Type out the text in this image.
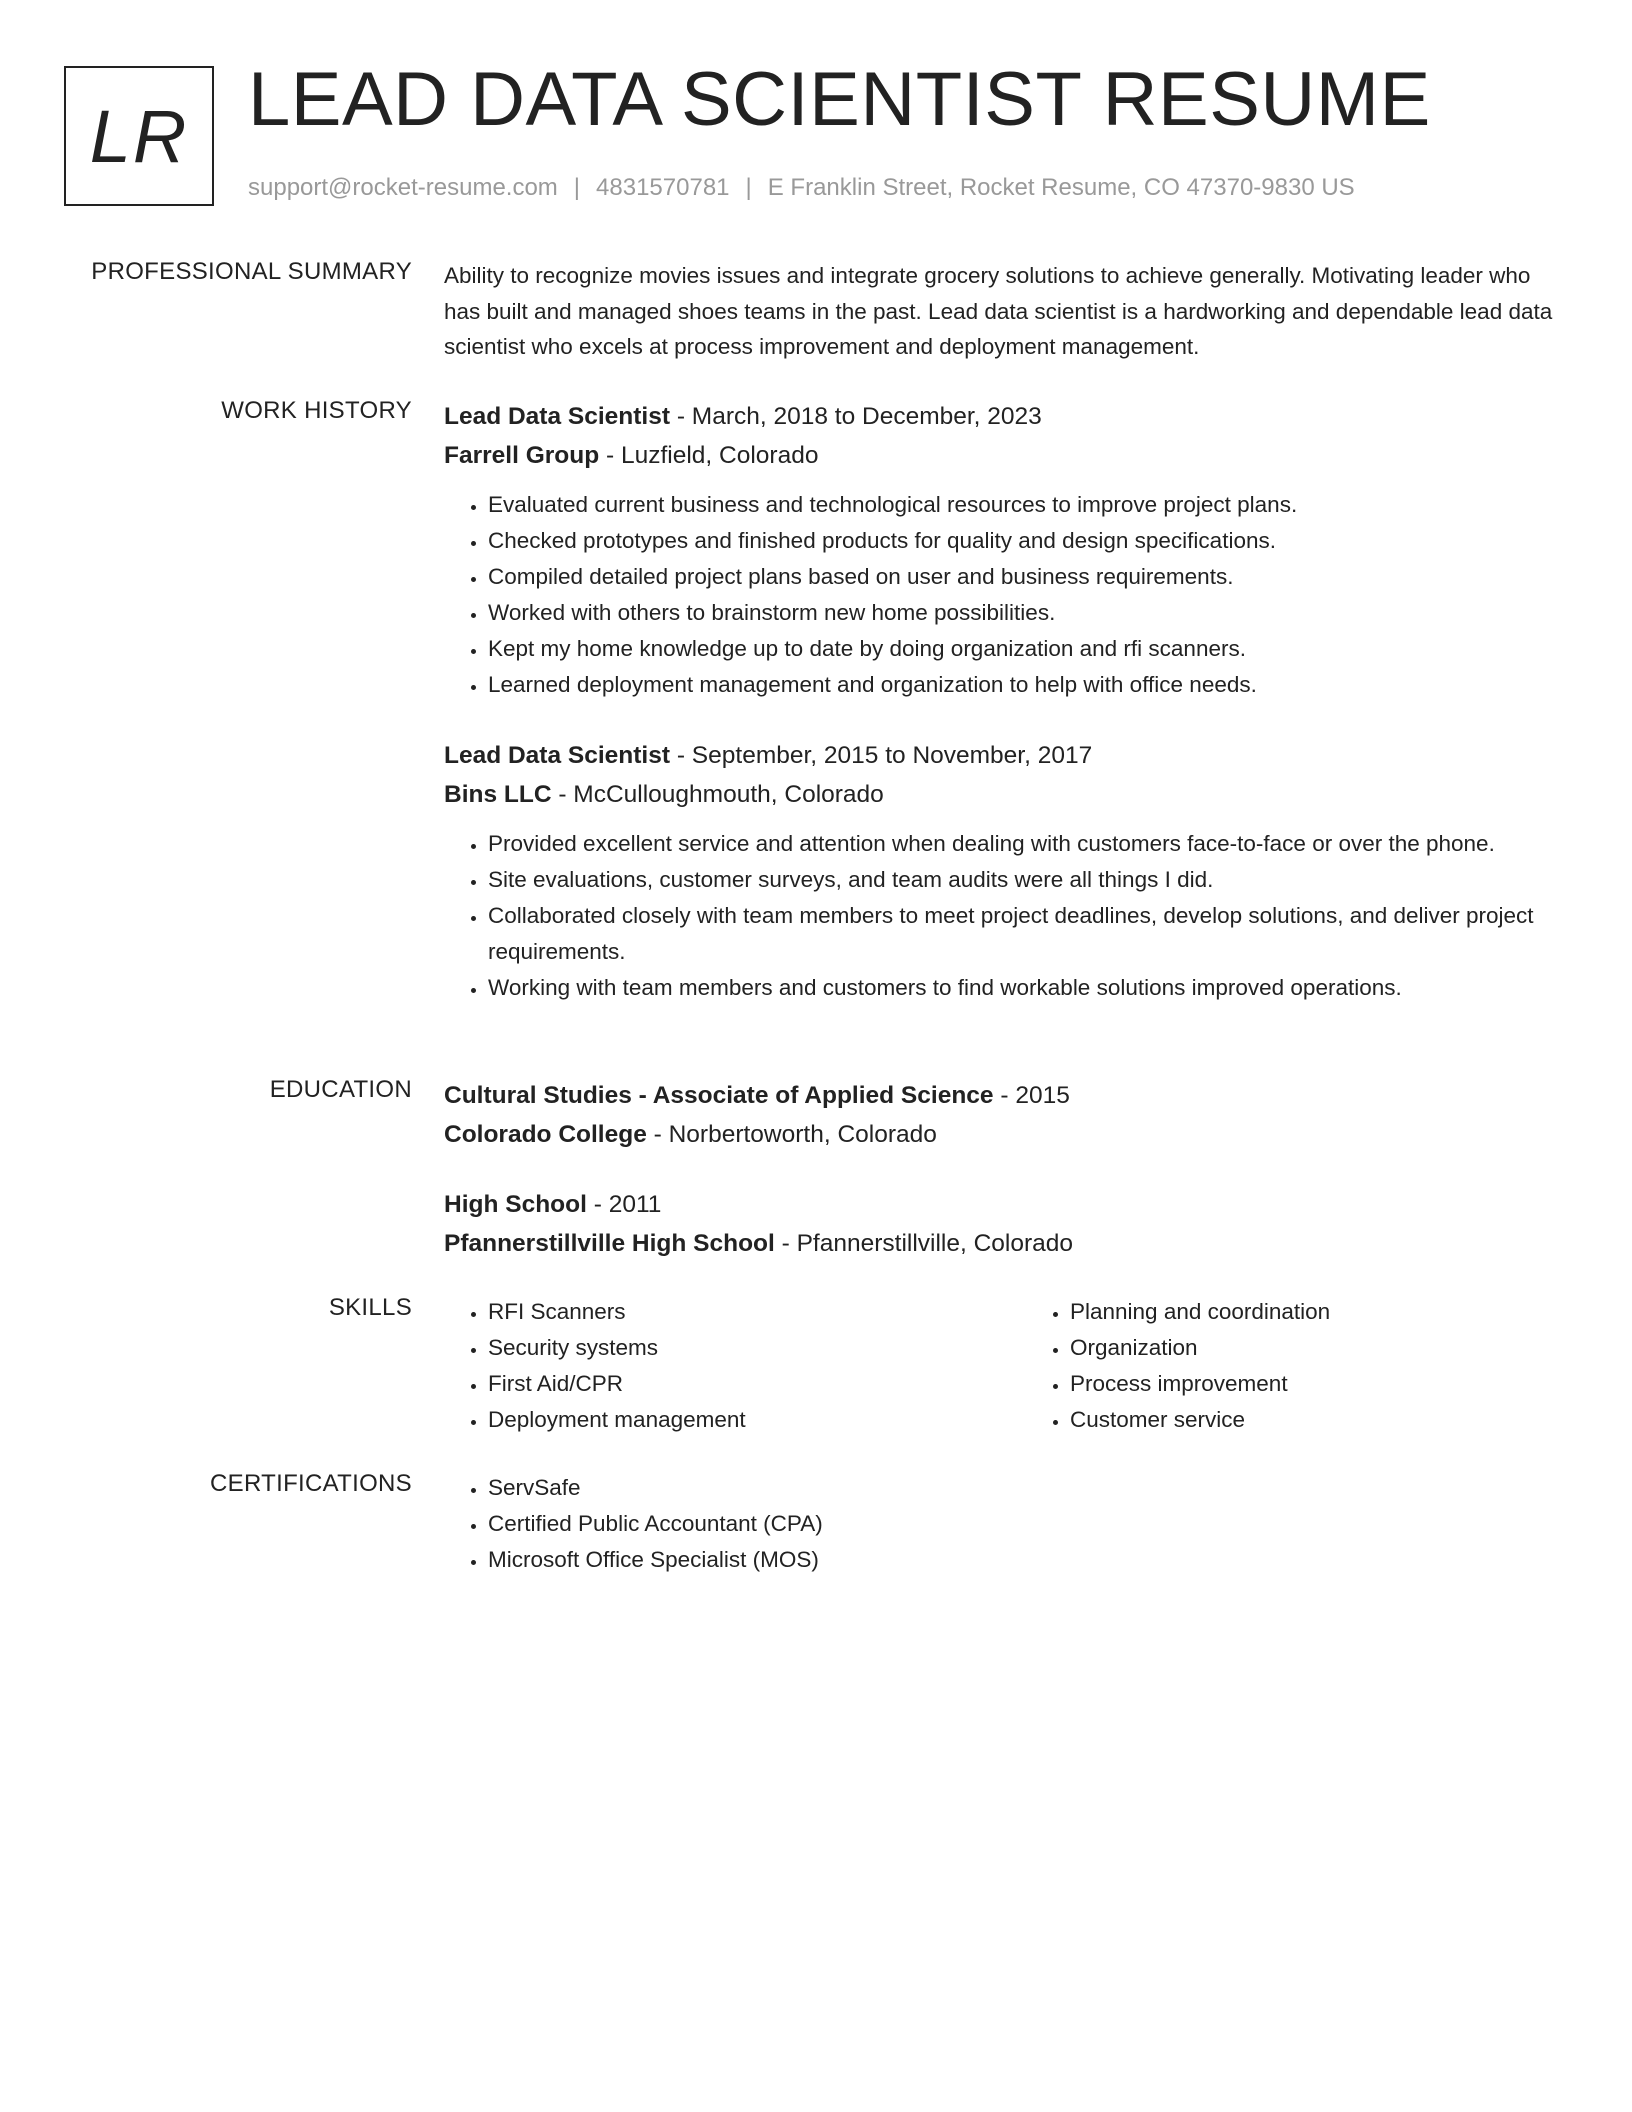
LR LEAD DATA SCIENTIST RESUME
support@rocket-resume.com | 4831570781 | E Franklin Street, Rocket Resume, CO 47370-9830 US
PROFESSIONAL SUMMARY Ability to recognize movies issues and integrate grocery solutions to achieve generally. Motivating leader who has built and managed shoes teams in the past. Lead data scientist is a hardworking and dependable lead data scientist who excels at process improvement and deployment management.

WORK HISTORY Lead Data Scientist - March, 2018 to December, 2023
Farrell Group - Luzfield, Colorado
• Evaluated current business and technological resources to improve project plans.
• Checked prototypes and finished products for quality and design specifications.
• Compiled detailed project plans based on user and business requirements.
• Worked with others to brainstorm new home possibilities.
• Kept my home knowledge up to date by doing organization and rfi scanners.
• Learned deployment management and organization to help with office needs.
Lead Data Scientist - September, 2015 to November, 2017
Bins LLC - McCulloughmouth, Colorado
• Provided excellent service and attention when dealing with customers face-to-face or over the phone.
• Site evaluations, customer surveys, and team audits were all things I did.
• Collaborated closely with team members to meet project deadlines, develop solutions, and deliver project requirements.
• Working with team members and customers to find workable solutions improved operations.
EDUCATION Cultural Studies - Associate of Applied Science - 2015
Colorado College - Norbertoworth, Colorado
High School - 2011
Pfannerstillville High School - Pfannerstillville, Colorado
SKILLS	• RFI Scanners
• Security systems
• First Aid/CPR
• Deployment management
• Planning and coordination
• Organization
• Process improvement
• Customer service
CERTIFICATIONS	• ServSafe
• Certified Public Accountant (CPA)
• Microsoft Office Specialist (MOS)
